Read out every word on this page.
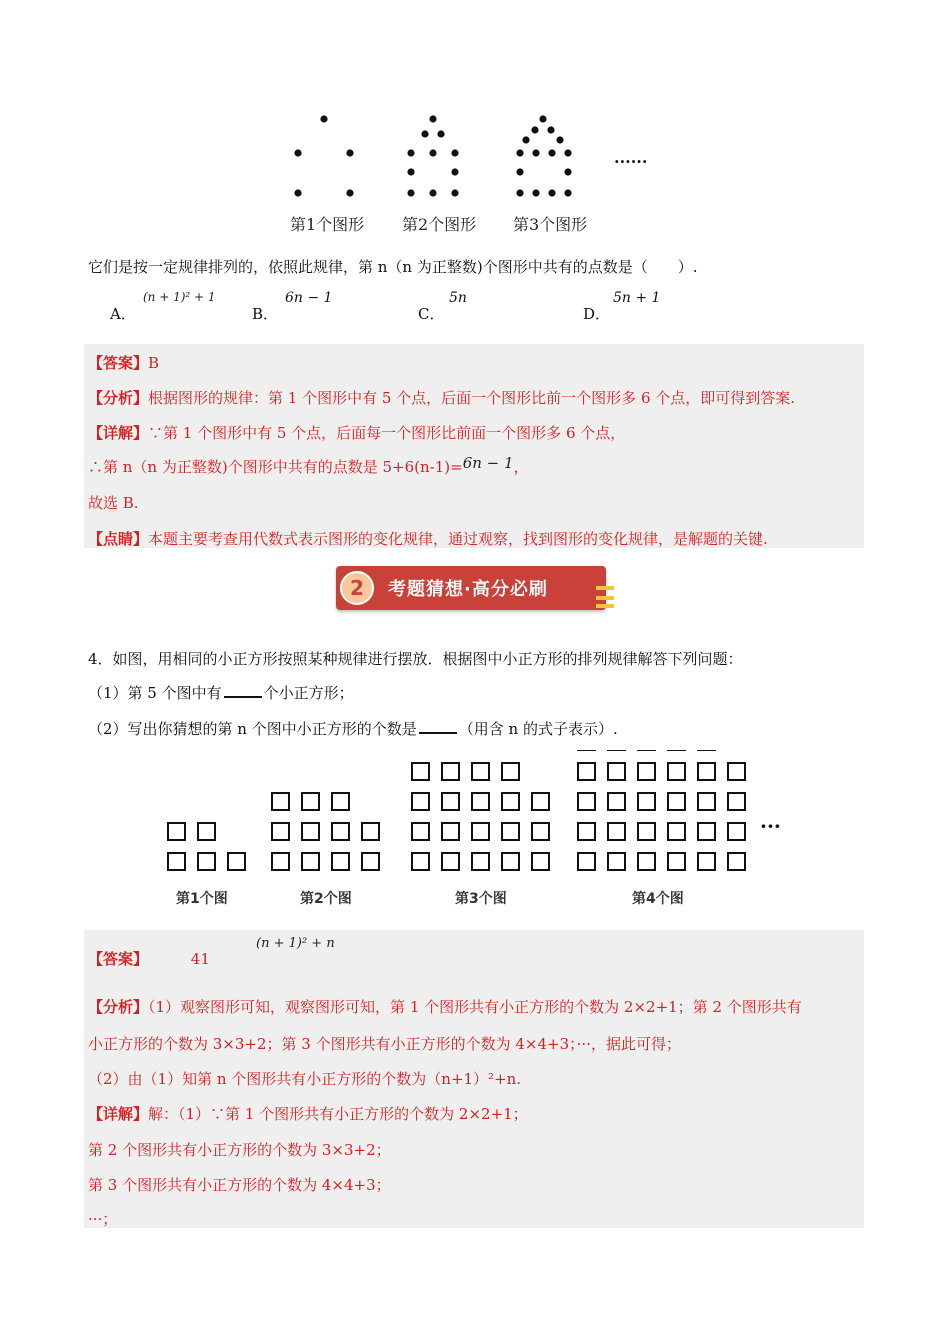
......
第1个图形 第2个图形 第3个图形
它们是按一定规律排列的，依照此规律，第 n（n 为正整数)个图形中共有的点数是（　　）.
A．
(n + 1)² + 1
B．
6n − 1
C．
5n
D．
5n + 1
【答案】B
【分析】根据图形的规律：第 1 个图形中有 5 个点，后面一个图形比前一个图形多 6 个点，即可得到答案.
【详解】∵第 1 个图形中有 5 个点，后面每一个图形比前面一个图形多 6 个点，
∴第 n（n 为正整数)个图形中共有的点数是 5+6(n-1)=6n − 1，
故选 B.
【点睛】本题主要考查用代数式表示图形的变化规律，通过观察，找到图形的变化规律，是解题的关键.
2	考题猜想·高分必刷
4．如图，用相同的小正方形按照某种规律进行摆放．根据图中小正方形的排列规律解答下列问题：
（1）第 5 个图中有	个小正方形；
（2）写出你猜想的第 n 个图中小正方形的个数是	（用含 n 的式子表示）.
···
第1个图	第2个图	第3个图	第4个图
【答案】	41
(n + 1)² + n
【分析】（1）观察图形可知，观察图形可知，第 1 个图形共有小正方形的个数为 2×2+1；第 2 个图形共有
小正方形的个数为 3×3+2；第 3 个图形共有小正方形的个数为 4×4+3；···，据此可得；
（2）由（1）知第 n 个图形共有小正方形的个数为（n+1）²+n.
【详解】解：（1）∵第 1 个图形共有小正方形的个数为 2×2+1；
第 2 个图形共有小正方形的个数为 3×3+2；
第 3 个图形共有小正方形的个数为 4×4+3；
···；
